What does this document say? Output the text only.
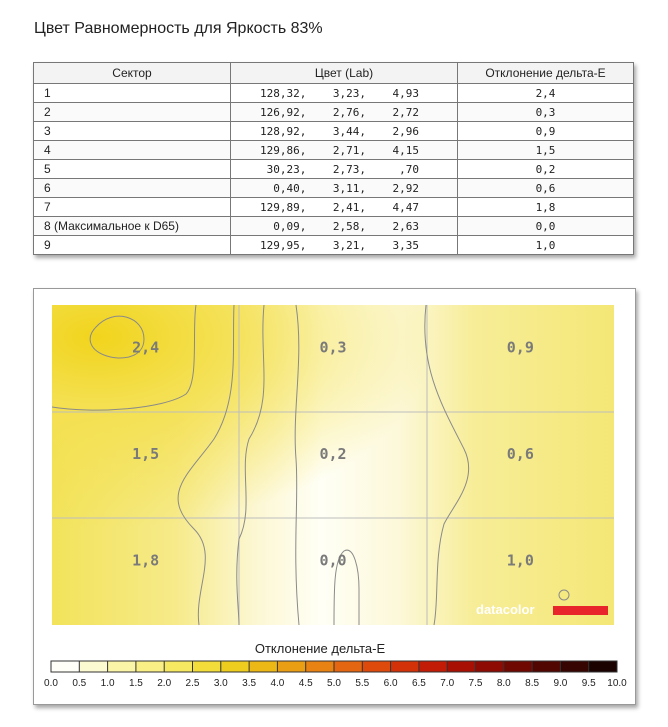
Цвет Равномерность для Яркость 83%
Сектор	Цвет (Lab)	Отклонение дельта-Е
1	128,32,    3,23,    4,93	2,4
2	126,92,    2,76,    2,72	0,3
3	128,92,    3,44,    2,96	0,9
4	129,86,    2,71,    4,15	1,5
5	30,23,    2,73,     ,70	0,2
6	0,40,    3,11,    2,92	0,6
7	129,89,    2,41,    4,47	1,8
8 (Максимальное к D65)	0,09,    2,58,    2,63	0,0
9	129,95,    3,21,    3,35	1,0
2,4	0,3	0,9
1,5	0,2	0,6
1,8	0,0	1,0
datacolor
Отклонение дельта-Е
0.0 0.5 1.0 1.5 2.0 2.5 3.0 3.5 4.0 4.5 5.0 5.5 6.0 6.5 7.0 7.5 8.0 8.5 9.0 9.5 10.0
